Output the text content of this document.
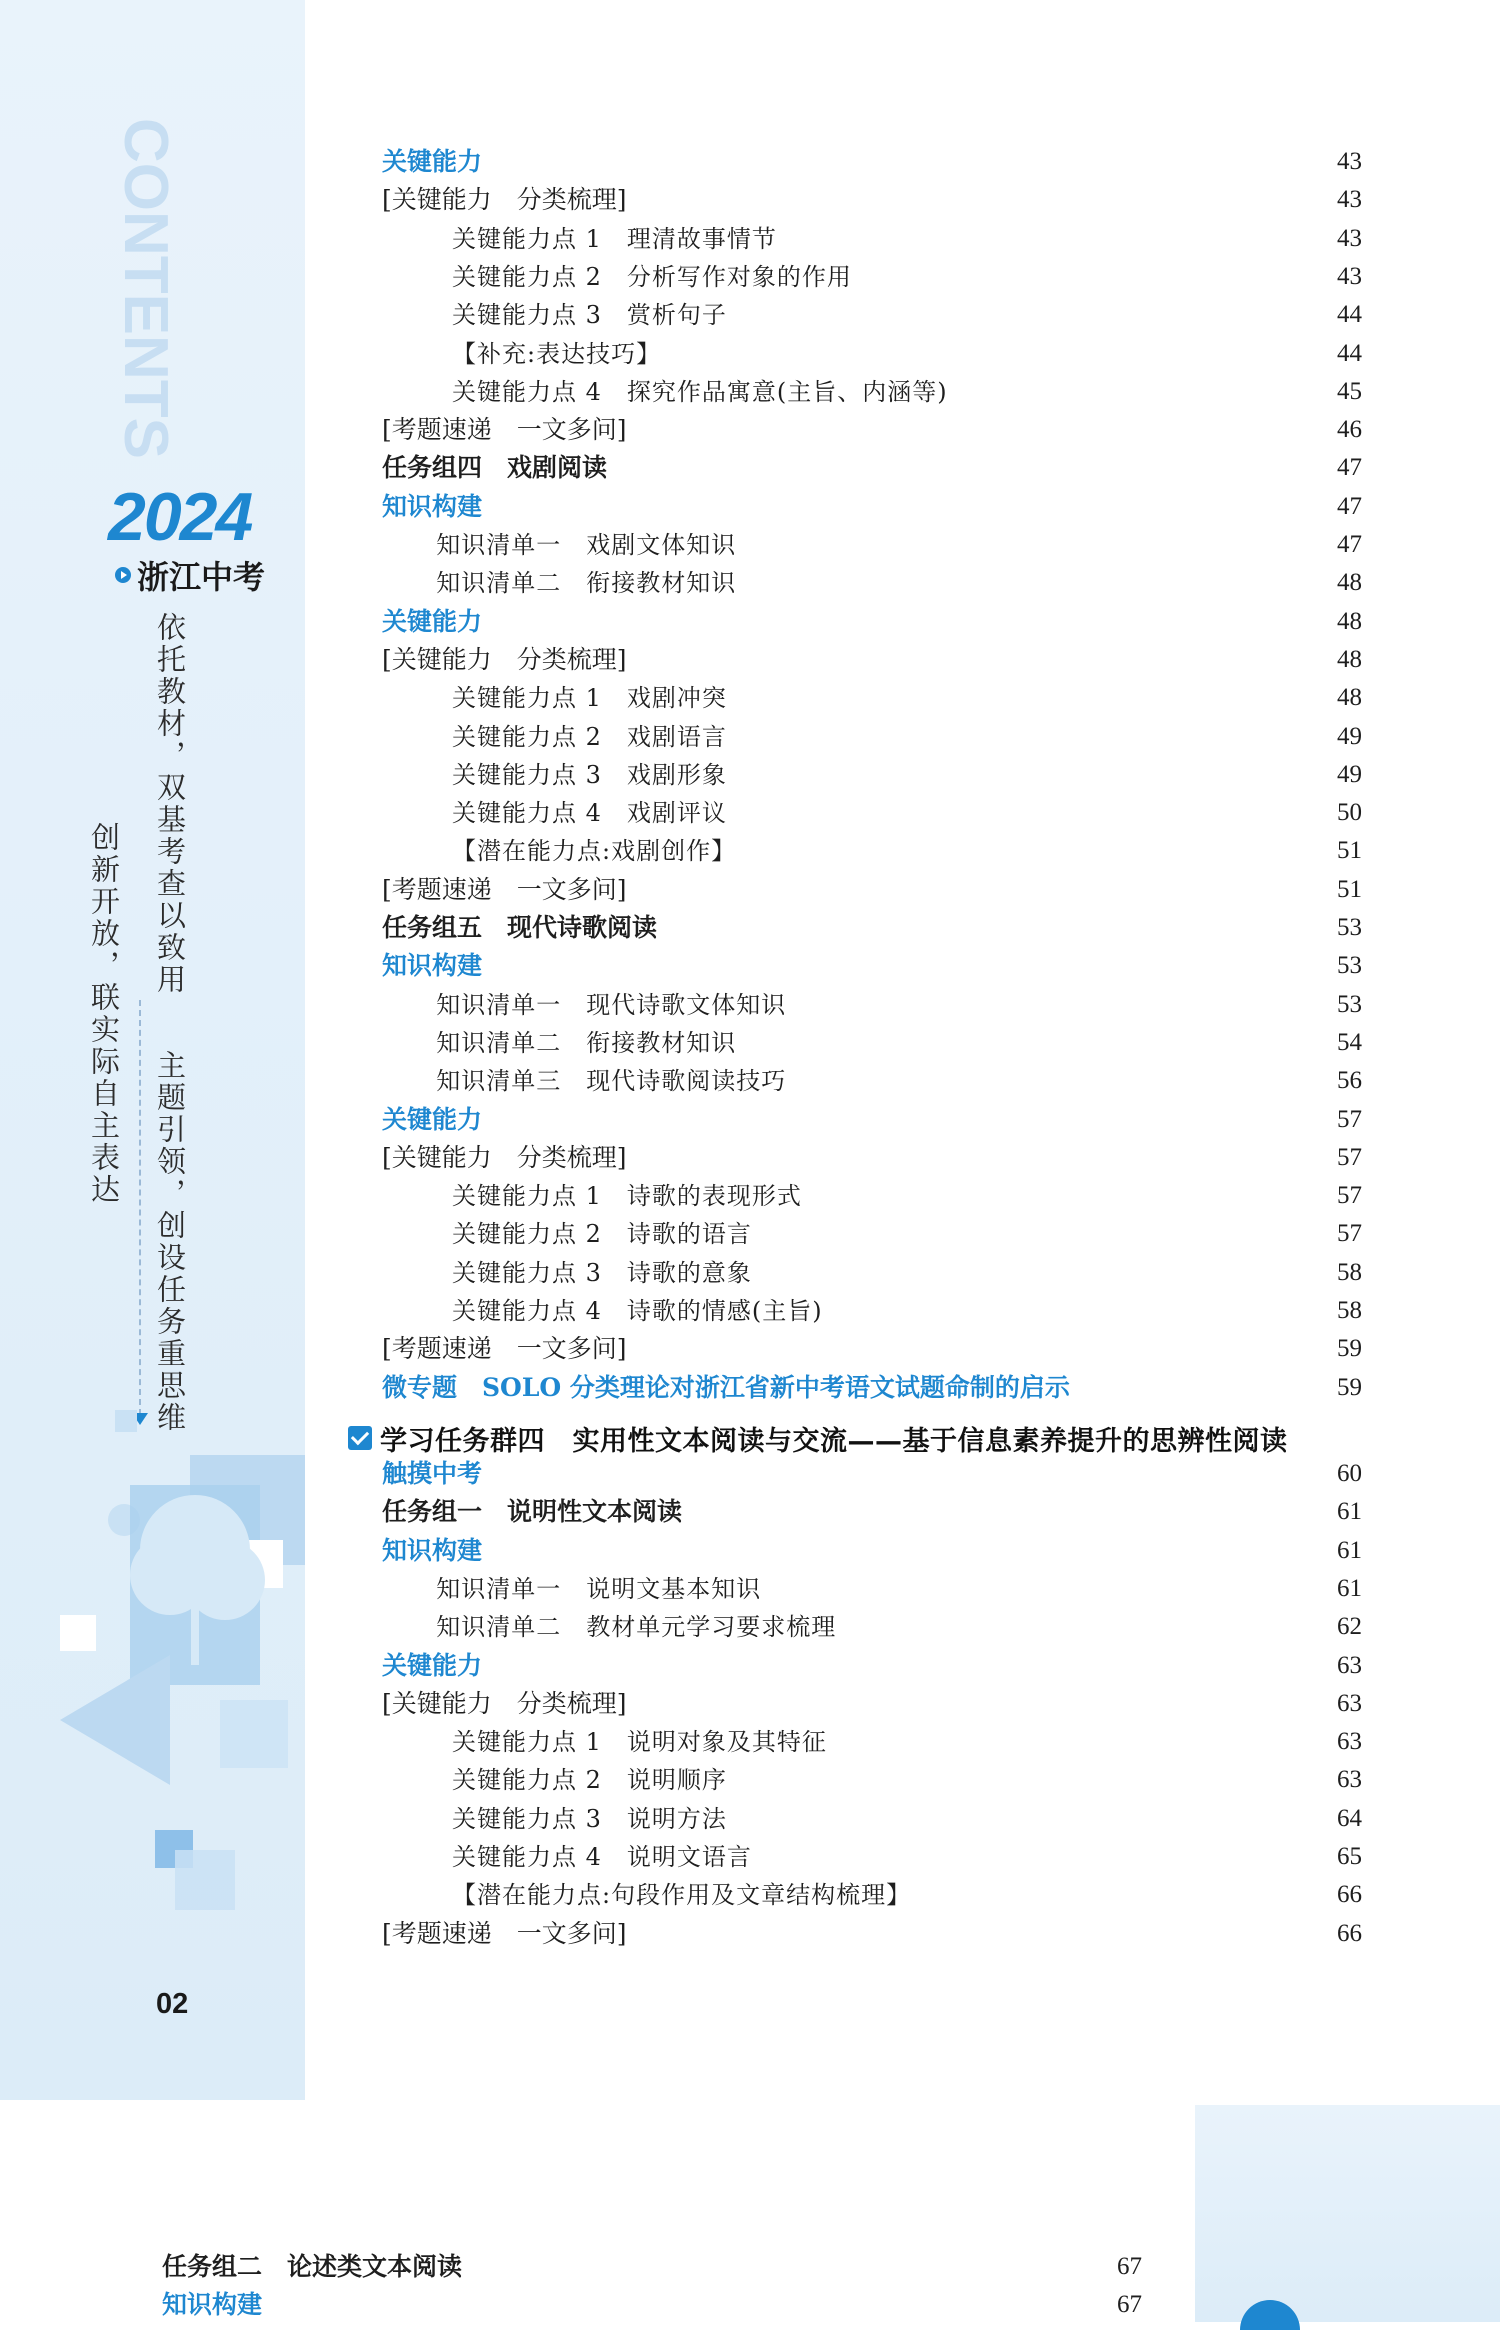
CONTENTS
2024
浙江中考
依托教材，双基考查以致用
主题引领，创设任务重思维
创新开放，联实际自主表达
02
关键能力	43
[关键能力　分类梳理]	43
关键能力点 1　理清故事情节	43
关键能力点 2　分析写作对象的作用	43
关键能力点 3　赏析句子	44
【补充:表达技巧】	44
关键能力点 4　探究作品寓意(主旨、内涵等)	45
[考题速递　一文多问]	46
任务组四　戏剧阅读	47
知识构建	47
知识清单一　戏剧文体知识	47
知识清单二　衔接教材知识	48
关键能力	48
[关键能力　分类梳理]	48
关键能力点 1　戏剧冲突	48
关键能力点 2　戏剧语言	49
关键能力点 3　戏剧形象	49
关键能力点 4　戏剧评议	50
【潜在能力点:戏剧创作】	51
[考题速递　一文多问]	51
任务组五　现代诗歌阅读	53
知识构建	53
知识清单一　现代诗歌文体知识	53
知识清单二　衔接教材知识	54
知识清单三　现代诗歌阅读技巧	56
关键能力	57
[关键能力　分类梳理]	57
关键能力点 1　诗歌的表现形式	57
关键能力点 2　诗歌的语言	57
关键能力点 3　诗歌的意象	58
关键能力点 4　诗歌的情感(主旨)	58
[考题速递　一文多问]	59
微专题　SOLO 分类理论对浙江省新中考语文试题命制的启示	59
学习任务群四　实用性文本阅读与交流——基于信息素养提升的思辨性阅读
触摸中考	60
任务组一　说明性文本阅读	61
知识构建	61
知识清单一　说明文基本知识	61
知识清单二　教材单元学习要求梳理	62
关键能力	63
[关键能力　分类梳理]	63
关键能力点 1　说明对象及其特征	63
关键能力点 2　说明顺序	63
关键能力点 3　说明方法	64
关键能力点 4　说明文语言	65
【潜在能力点:句段作用及文章结构梳理】	66
[考题速递　一文多问]	66
任务组二　论述类文本阅读	67
知识构建	67
